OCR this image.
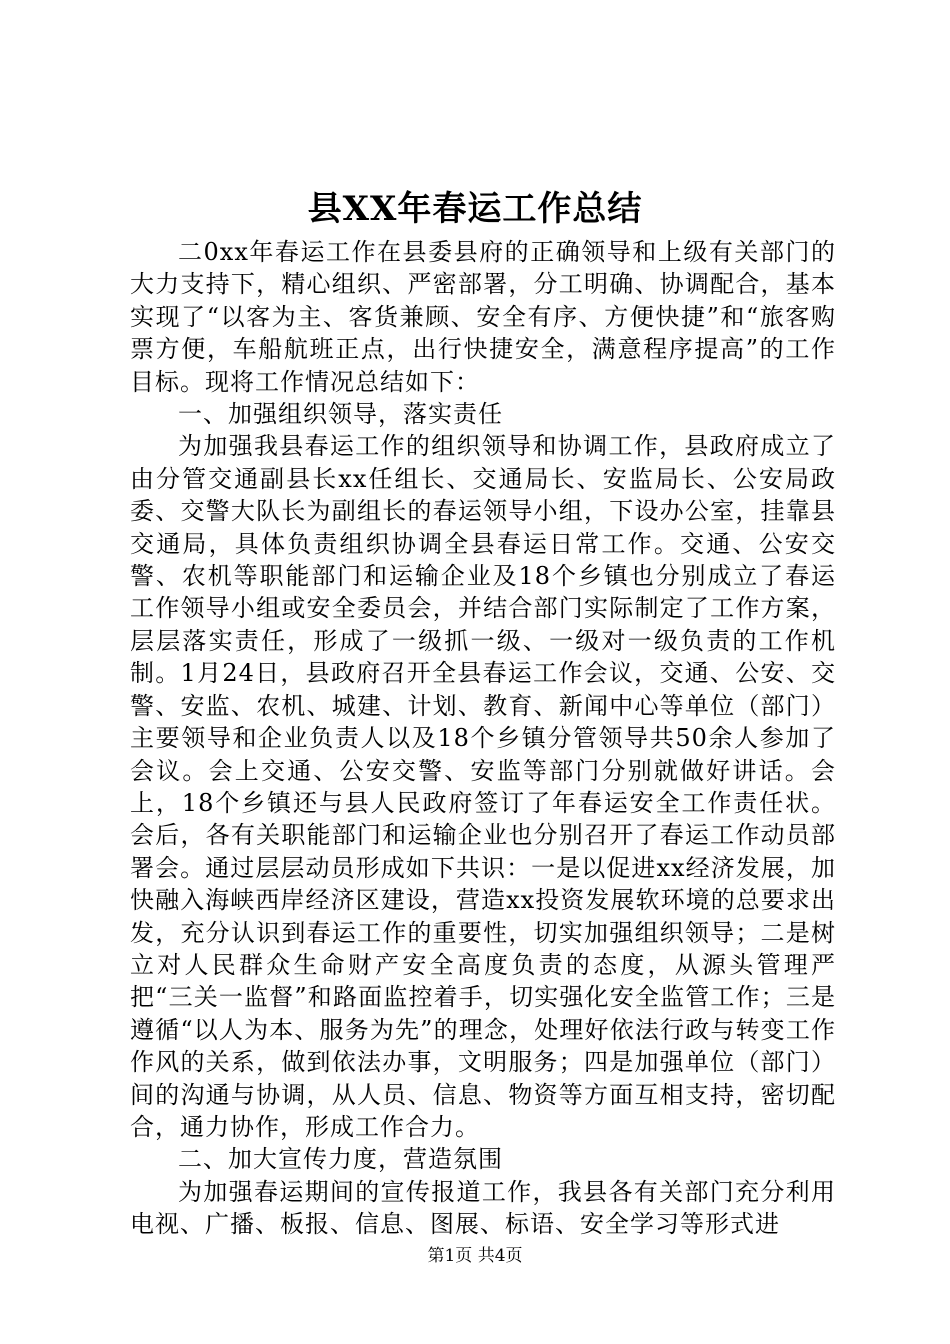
县XX年春运工作总结

二0xx年春运工作在县委县府的正确领导和上级有关部门的大力支持下，精心组织、严密部署，分工明确、协调配合，基本实现了“以客为主、客货兼顾、安全有序、方便快捷”和“旅客购票方便，车船航班正点，出行快捷安全，满意程序提高”的工作目标。现将工作情况总结如下：

一、加强组织领导，落实责任

为加强我县春运工作的组织领导和协调工作，县政府成立了由分管交通副县长xx任组长、交通局长、安监局长、公安局政委、交警大队长为副组长的春运领导小组，下设办公室，挂靠县交通局，具体负责组织协调全县春运日常工作。交通、公安交警、农机等职能部门和运输企业及18个乡镇也分别成立了春运工作领导小组或安全委员会，并结合部门实际制定了工作方案，层层落实责任，形成了一级抓一级、一级对一级负责的工作机制。1月24日，县政府召开全县春运工作会议，交通、公安、交警、安监、农机、城建、计划、教育、新闻中心等单位（部门）主要领导和企业负责人以及18个乡镇分管领导共50余人参加了会议。会上交通、公安交警、安监等部门分别就做好讲话。会上，18个乡镇还与县人民政府签订了年春运安全工作责任状。会后，各有关职能部门和运输企业也分别召开了春运工作动员部署会。通过层层动员形成如下共识：一是以促进xx经济发展，加快融入海峡西岸经济区建设，营造xx投资发展软环境的总要求出发，充分认识到春运工作的重要性，切实加强组织领导；二是树立对人民群众生命财产安全高度负责的态度，从源头管理严把“三关一监督”和路面监控着手，切实强化安全监管工作；三是遵循“以人为本、服务为先”的理念，处理好依法行政与转变工作作风的关系，做到依法办事，文明服务；四是加强单位（部门）间的沟通与协调，从人员、信息、物资等方面互相支持，密切配合，通力协作，形成工作合力。

二、加大宣传力度，营造氛围

为加强春运期间的宣传报道工作，我县各有关部门充分利用电视、广播、板报、信息、图展、标语、安全学习等形式进

第1页 共4页
